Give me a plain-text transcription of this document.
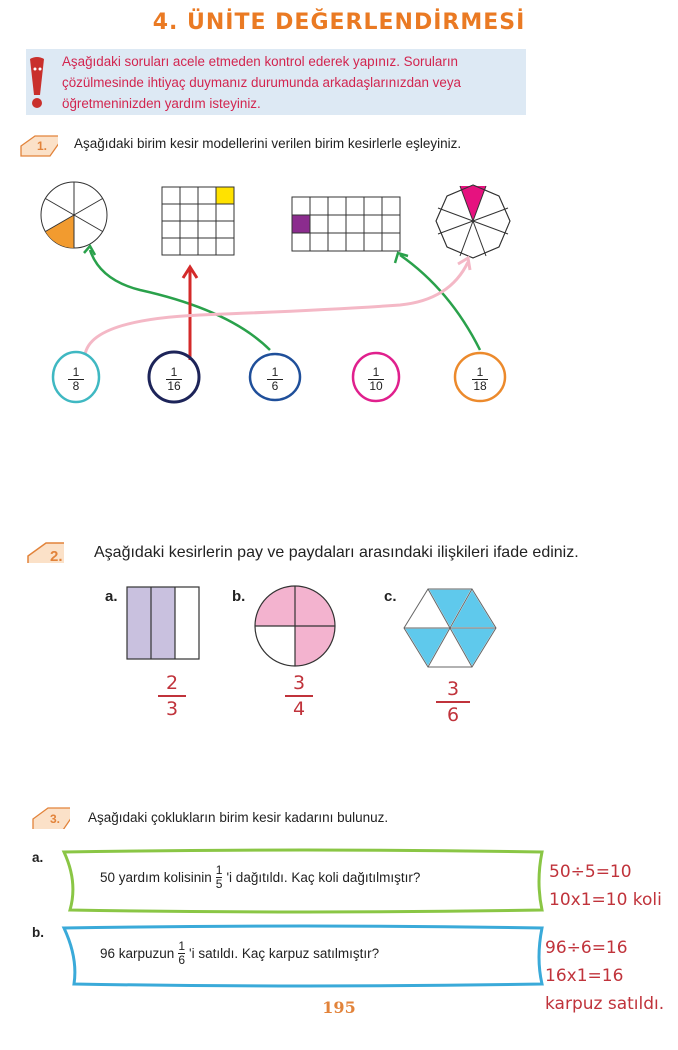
4. ÜNİTE DEĞERLENDİRMESİ
Aşağıdaki soruları acele etmeden kontrol ederek yapınız. Soruların çözülmesinde ihtiyaç duymanız durumunda arkadaşlarınızdan veya öğretmeninizden yardım isteyiniz.
1. Aşağıdaki birim kesir modellerini verilen birim kesirlerle eşleyiniz.
1
8
1
16
1
6
1
10
1
18
2. Aşağıdaki kesirlerin pay ve paydaları arasındaki ilişkileri ifade ediniz.
a.	b.	c.
2
3
3
4
3
6
3. Aşağıdaki çoklukların birim kesir kadarını bulunuz.
a.
50 yardım kolisinin $\frac{1}{5}$ 'i dağıtıldı. Kaç koli dağıtılmıştır?	50÷5=10
10x1=10 koli
b.
96 karpuzun $\frac{1}{6}$ 'i satıldı. Kaç karpuz satılmıştır?	96÷6=16
16x1=16
karpuz satıldı.
195
